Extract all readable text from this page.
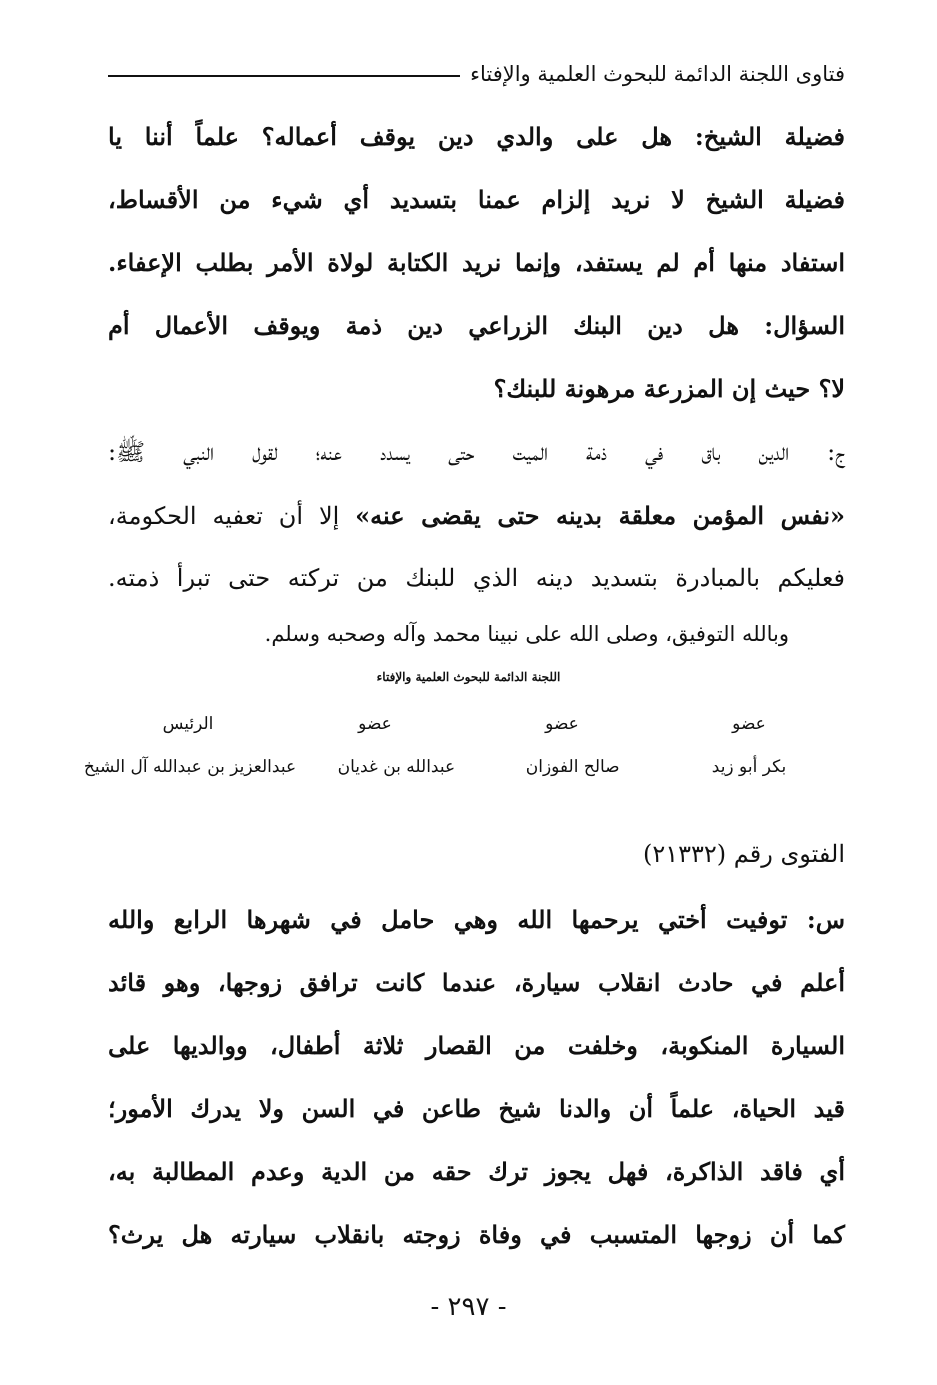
فتاوى اللجنة الدائمة للبحوث العلمية والإفتاء
فضيلة الشيخ: هل على والدي دين يوقف أعماله؟ علماً أننا يا
فضيلة الشيخ لا نريد إلزام عمنا بتسديد أي شيء من الأقساط،
استفاد منها أم لم يستفد، وإنما نريد الكتابة لولاة الأمر بطلب الإعفاء.
السؤال: هل دين البنك الزراعي دين ذمة ويوقف الأعمال أم
لا؟ حيث إن المزرعة مرهونة للبنك؟
ج: الدين باق في ذمة الميت حتى يسدد عنه؛ لقول النبي ﷺ:
«نفس المؤمن معلقة بدينه حتى يقضى عنه» إلا أن تعفيه الحكومة،
فعليكم بالمبادرة بتسديد دينه الذي للبنك من تركته حتى تبرأ ذمته.
وبالله التوفيق، وصلى الله على نبينا محمد وآله وصحبه وسلم.
اللجنة الدائمة للبحوث العلمية والإفتاء
عضو
عضو
عضو
الرئيس
بكر أبو زيد
صالح الفوزان
عبدالله بن غديان
عبدالعزيز بن عبدالله آل الشيخ
الفتوى رقم (٢١٣٣٢)
س: توفيت أختي يرحمها الله وهي حامل في شهرها الرابع والله
أعلم في حادث انقلاب سيارة، عندما كانت ترافق زوجها، وهو قائد
السيارة المنكوبة، وخلفت من القصار ثلاثة أطفال، ووالديها على
قيد الحياة، علماً أن والدنا شيخ طاعن في السن ولا يدرك الأمور؛
أي فاقد الذاكرة، فهل يجوز ترك حقه من الدية وعدم المطالبة به،
كما أن زوجها المتسبب في وفاة زوجته بانقلاب سيارته هل يرث؟
- ٢٩٧ -
